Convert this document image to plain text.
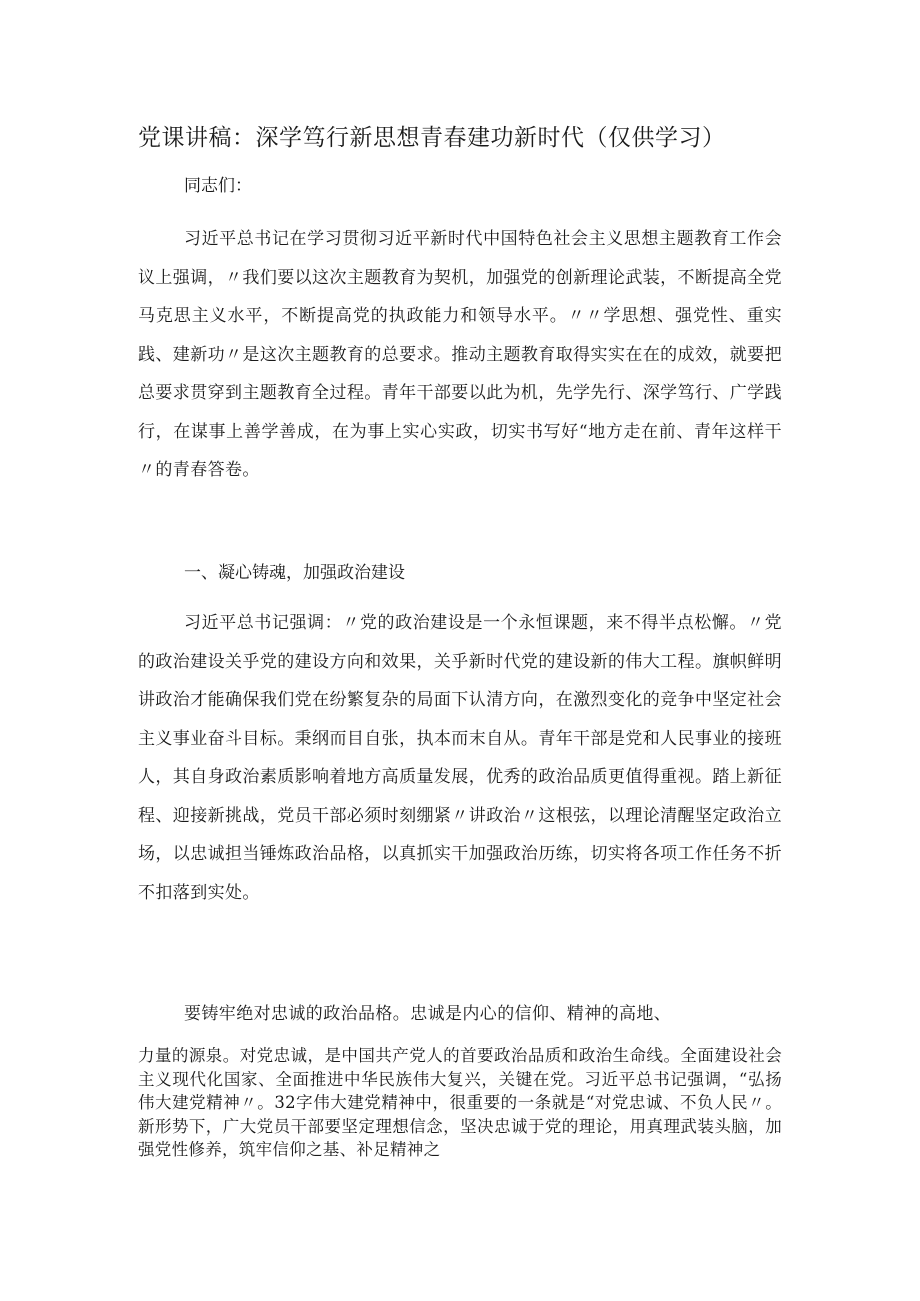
党课讲稿：深学笃行新思想青春建功新时代（仅供学习）

同志们：

习近平总书记在学习贯彻习近平新时代中国特色社会主义思想主题教育工作会议上强调，〃我们要以这次主题教育为契机，加强党的创新理论武装，不断提高全党马克思主义水平，不断提高党的执政能力和领导水平。〃〃学思想、强党性、重实践、建新功〃是这次主题教育的总要求。推动主题教育取得实实在在的成效，就要把总要求贯穿到主题教育全过程。青年干部要以此为机，先学先行、深学笃行、广学践行，在谋事上善学善成，在为事上实心实政，切实书写好“地方走在前、青年这样干〃的青春答卷。

一、凝心铸魂，加强政治建设

习近平总书记强调：〃党的政治建设是一个永恒课题，来不得半点松懈。〃党的政治建设关乎党的建设方向和效果，关乎新时代党的建设新的伟大工程。旗帜鲜明讲政治才能确保我们党在纷繁复杂的局面下认清方向，在激烈变化的竞争中坚定社会主义事业奋斗目标。秉纲而目自张，执本而末自从。青年干部是党和人民事业的接班人，其自身政治素质影响着地方高质量发展，优秀的政治品质更值得重视。踏上新征程、迎接新挑战，党员干部必须时刻绷紧〃讲政治〃这根弦，以理论清醒坚定政治立场，以忠诚担当锤炼政治品格，以真抓实干加强政治历练，切实将各项工作任务不折不扣落到实处。

要铸牢绝对忠诚的政治品格。忠诚是内心的信仰、精神的高地、

力量的源泉。对党忠诚，是中国共产党人的首要政治品质和政治生命线。全面建设社会主义现代化国家、全面推进中华民族伟大复兴，关键在党。习近平总书记强调，“弘扬伟大建党精神〃。32字伟大建党精神中，很重要的一条就是“对党忠诚、不负人民〃。新形势下，广大党员干部要坚定理想信念，坚决忠诚于党的理论，用真理武装头脑，加强党性修养，筑牢信仰之基、补足精神之
